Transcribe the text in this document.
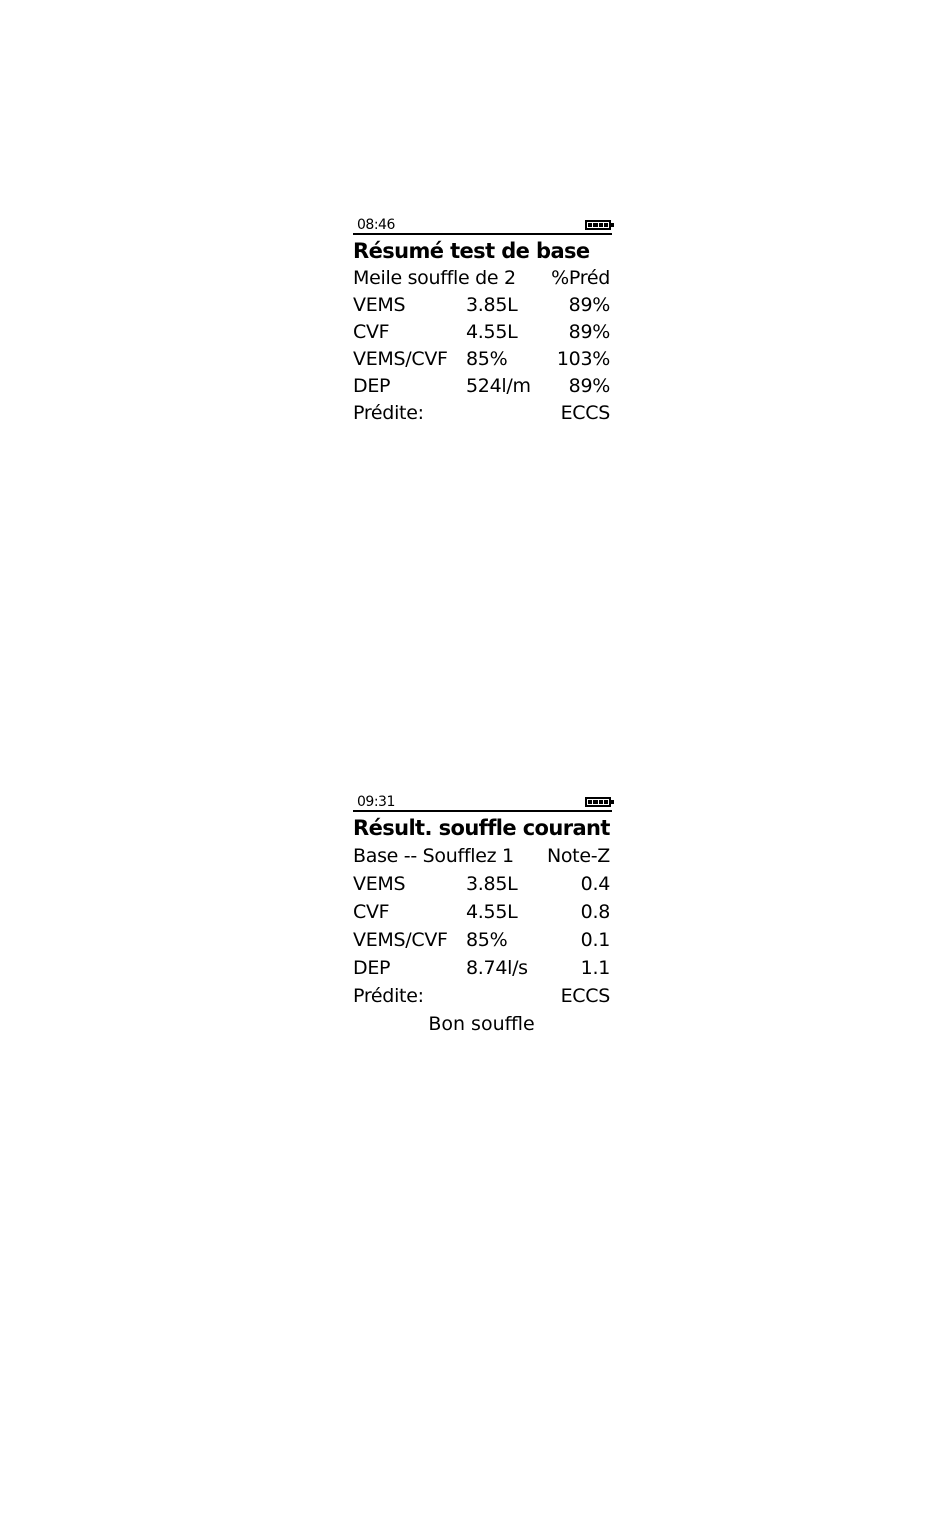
08:46
Résumé test de base
Meile souffle de 2 %Préd
VEMS	3.85L	89%
CVF	4.55L	89%
VEMS/CVF 85%	103%
DEP	524l/m 89%
Prédite:	ECCS
09:31
Résult. souffle courant
Base -- Soufflez 1 Note-Z
VEMS	3.85L	0.4
CVF	4.55L	0.8
VEMS/CVF 85%	0.1
DEP	8.74l/s	1.1
Prédite:	ECCS
Bon souffle
